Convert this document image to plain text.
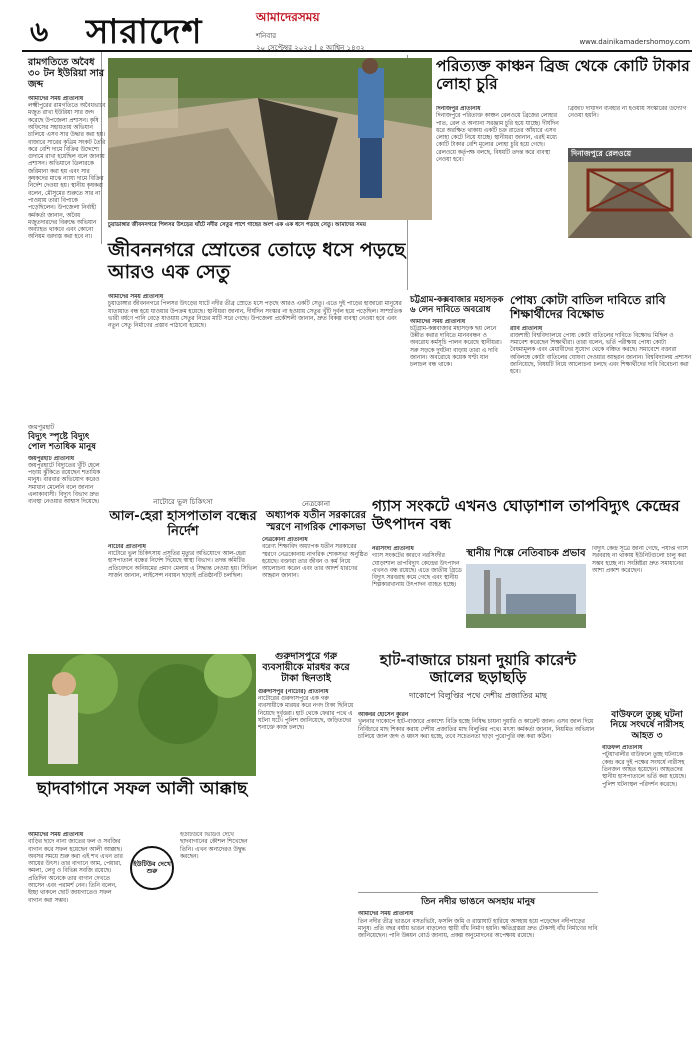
৬ সারাদেশ	আমাদেরসময়
শনিবার
২০ সেপ্টেম্বর ২০২৫ | ৫ আশ্বিন ১৪৩২
www.dainikamadershomoy.com
রামগতিতে অবৈধ ৩০ টন ইউরিয়া সার জব্দ

আমাদের সময় প্রতিনিধি

লক্ষ্মীপুরের রামগতিতে অবৈধভাবে মজুত রাখা ইউরিয়া সার জব্দ করেছে উপজেলা প্রশাসন। কৃষি অফিসের সহায়তায় অভিযান চালিয়ে এসব সার উদ্ধার করা হয়। বাজারে সারের কৃত্রিম সংকট তৈরি করে বেশি দামে বিক্রির উদ্দেশ্যে গুদামে রাখা হয়েছিল বলে জানায় প্রশাসন। অভিযানে ডিলারকে জরিমানা করা হয় এবং সার কৃষকদের মাঝে ন্যায্য দামে বিক্রির নির্দেশ দেওয়া হয়। স্থানীয় কৃষকরা বলেন, মৌসুমের শুরুতে সার না পাওয়ায় তারা বিপাকে পড়েছিলেন। উপজেলা নির্বাহী কর্মকর্তা জানান, অবৈধ মজুতদারদের বিরুদ্ধে অভিযান অব্যাহত থাকবে এবং কোনো অনিয়ম বরদাস্ত করা হবে না।

চুয়াডাঙ্গার জীবননগরে পিলসর উৎড়ের ঘাঁটে নদীর সেতুর পাশে গাছের অংশ এক এক ধসে পড়ছে সেতু। আমাদের সময়
পরিত্যক্ত কাঞ্চন ব্রিজ থেকে কোটি টাকার লোহা চুরি

দিনাজপুর প্রতিনিধি

দিনাজপুরে পরিত্যক্ত কাঞ্চন রেলওয়ে ব্রিজের লোহার পাত, রেল ও অন্যান্য সরঞ্জাম চুরি হয়ে যাচ্ছে। দীর্ঘদিন ধরে অরক্ষিত থাকায় একটি চক্র রাতের আঁধারে এসব লোহা কেটে নিয়ে যাচ্ছে। স্থানীয়রা জানান, এরই মধ্যে কোটি টাকার বেশি মূল্যের লোহা চুরি হয়ে গেছে। রেলওয়ে কর্তৃপক্ষ বলছে, বিষয়টি তদন্ত করে ব্যবস্থা নেওয়া হবে।

ব্রিজটি দীর্ঘদিন ব্যবহার না হওয়ায় সংস্কারের উদ্যোগ নেওয়া হয়নি।

দিনাজপুরে রেলওয়ে
জীবননগরে স্রোতের তোড়ে ধসে পড়ছে আরও এক সেতু

আমাদের সময় প্রতিনিধি

চুয়াডাঙ্গার জীবননগরে পিলসর উৎড়ের ঘাটে নদীর তীব্র স্রোতে ধসে পড়ছে আরও একটি সেতু। এতে দুই পাড়ের হাজারো মানুষের যাতায়াত বন্ধ হয়ে যাওয়ার উপক্রম হয়েছে। স্থানীয়রা জানান, দীর্ঘদিন সংস্কার না হওয়ায় সেতুর খুঁটি দুর্বল হয়ে পড়েছিল। সাম্প্রতিক ভারী বর্ষণে পানি বেড়ে যাওয়ায় সেতুর নিচের মাটি সরে গেছে। উপজেলা প্রকৌশলী জানান, দ্রুত বিকল্প ব্যবস্থা নেওয়া হবে এবং নতুন সেতু নির্মাণের প্রস্তাব পাঠানো হয়েছে।

চট্টগ্রাম-কক্সবাজার মহাসড়ক ৬ লেন দাবিতে অবরোধ

আমাদের সময় প্রতিনিধি

চট্টগ্রাম-কক্সবাজার মহাসড়ক ছয় লেনে উন্নীত করার দাবিতে মানববন্ধন ও অবরোধ কর্মসূচি পালন করেছে স্থানীয়রা। সরু সড়কে দুর্ঘটনা বাড়ায় তারা এ দাবি জানান। অবরোধে কয়েক ঘণ্টা যান চলাচল বন্ধ থাকে।

পোষ্য কোটা বাতিল দাবিতে রাবি শিক্ষার্থীদের বিক্ষোভ

রাবি প্রতিনিধি

রাজশাহী বিশ্ববিদ্যালয়ে পোষ্য কোটা বাতিলের দাবিতে বিক্ষোভ মিছিল ও সমাবেশ করেছেন শিক্ষার্থীরা। তারা বলেন, ভর্তি পরীক্ষায় পোষ্য কোটা বৈষম্যমূলক এবং মেধাবীদের সুযোগ থেকে বঞ্চিত করছে। সমাবেশে বক্তারা অবিলম্বে কোটা বাতিলের ঘোষণা দেওয়ার আহ্বান জানান। বিশ্ববিদ্যালয় প্রশাসন জানিয়েছে, বিষয়টি নিয়ে আলোচনা চলছে এবং শিক্ষার্থীদের দাবি বিবেচনা করা হবে।

জয়পুরহাট
বিদ্যুৎ স্পৃষ্টে বিদ্যুৎ পোল শতাধিক মানুষ

জয়পুরহাট প্রতিনিধি

জয়পুরহাটে বিদ্যুতের খুঁটি হেলে পড়ায় ঝুঁকিতে রয়েছেন শতাধিক মানুষ। বারবার অভিযোগ করেও সমাধান মেলেনি বলে জানান এলাকাবাসী। বিদ্যুৎ বিভাগ দ্রুত ব্যবস্থা নেওয়ার আশ্বাস দিয়েছে।	নাটোরে ভুল চিকিৎসা
আল-হেরা হাসপাতাল বন্ধের নির্দেশ

নাটোর প্রতিনিধি

নাটোরে ভুল চিকিৎসায় প্রসূতির মৃত্যুর অভিযোগে আল-হেরা হাসপাতাল বন্ধের নির্দেশ দিয়েছে স্বাস্থ্য বিভাগ। তদন্ত কমিটির প্রতিবেদনে অনিয়মের প্রমাণ মেলায় এ সিদ্ধান্ত নেওয়া হয়। সিভিল সার্জন জানান, লাইসেন্স নবায়ন ছাড়াই প্রতিষ্ঠানটি চলছিল।

নেত্রকোনা
অধ্যাপক যতীন সরকারের স্মরণে নাগরিক শোকসভা

নেত্রকোনা প্রতিনিধি

বরেণ্য শিক্ষাবিদ অধ্যাপক যতীন সরকারের স্মরণে নেত্রকোনায় নাগরিক শোকসভা অনুষ্ঠিত হয়েছে। বক্তারা তার জীবন ও কর্ম নিয়ে আলোচনা করেন এবং তার আদর্শ ধারণের আহ্বান জানান।

গ্যাস সংকটে এখনও ঘোড়াশাল তাপবিদ্যুৎ কেন্দ্রের উৎপাদন বন্ধ

নরসিংদী প্রতিনিধি

গ্যাস সংকটের কারণে নরসিংদীর ঘোড়াশাল তাপবিদ্যুৎ কেন্দ্রের উৎপাদন এখনও বন্ধ রয়েছে। এতে জাতীয় গ্রিডে বিদ্যুৎ সরবরাহ কমে গেছে এবং স্থানীয় শিল্পকারখানায় উৎপাদন ব্যাহত হচ্ছে।

স্থানীয় শিল্পে নেতিবাচক প্রভাব বিদ্যুৎ কেন্দ্র সূত্রে জানা গেছে, পর্যাপ্ত গ্যাস সরবরাহ না থাকায় ইউনিটগুলো চালু করা সম্ভব হচ্ছে না। সংশ্লিষ্টরা দ্রুত সমাধানের আশা প্রকাশ করেছেন।

ছাদবাগানে সফল আলী আক্কাছ

আমাদের সময় প্রতিনিধি

বাড়ির ছাদে নানা জাতের ফল ও সবজির বাগান করে সফল হয়েছেন আলী আক্কাছ। অবসর সময়ে শুরু করা এই শখ এখন তার আয়ের উৎস। তার বাগানে আম, পেয়ারা, কমলা, লেবু ও বিভিন্ন সবজি রয়েছে। প্রতিদিন অনেকে তার বাগান দেখতে আসেন এবং পরামর্শ নেন। তিনি বলেন, ইচ্ছা থাকলে ছোট জায়গাতেও সফল বাগান করা সম্ভব।

ইউটিউব দেখে শুরু

ইউটিউবে ভিডিও দেখে ছাদবাগানের কৌশল শিখেছেন তিনি। এখন অন্যদেরও উদ্বুদ্ধ করছেন।

গুরুদাসপুরে গরু ব্যবসায়ীকে মারধর করে টাকা ছিনতাই

গুরুদাসপুর (নাটোর) প্রতিনিধি

নাটোরের গুরুদাসপুরে এক গরু ব্যবসায়ীকে মারধর করে নগদ টাকা ছিনিয়ে নিয়েছে দুর্বৃত্তরা। হাট থেকে ফেরার পথে এ ঘটনা ঘটে। পুলিশ জানিয়েছে, জড়িতদের শনাক্তে কাজ চলছে।

হাট-বাজারে চায়না দুয়ারি কারেন্ট জালের ছড়াছড়ি
দাকোপে বিলুপ্তির পথে দেশীয় প্রজাতির মাছ

আকবর হোসেন কুরিন

খুলনার দাকোপে হাট-বাজারে প্রকাশ্যে বিক্রি হচ্ছে নিষিদ্ধ চায়না দুয়ারি ও কারেন্ট জাল। এসব জাল দিয়ে নির্বিচারে মাছ শিকার করায় দেশীয় প্রজাতির মাছ বিলুপ্তির পথে। মৎস্য কর্মকর্তা জানান, নিয়মিত অভিযান চালিয়ে জাল জব্দ ও ধ্বংস করা হচ্ছে, তবে সচেতনতা ছাড়া পুরোপুরি বন্ধ করা কঠিন।

বাউফলে তুচ্ছ ঘটনা নিয়ে সংঘর্ষে নারীসহ আহত ৩

বাউফল প্রতিনিধি

পটুয়াখালীর বাউফলে তুচ্ছ ঘটনাকে কেন্দ্র করে দুই পক্ষের সংঘর্ষে নারীসহ তিনজন আহত হয়েছেন। আহতদের স্থানীয় হাসপাতালে ভর্তি করা হয়েছে। পুলিশ ঘটনাস্থল পরিদর্শন করেছে।

তিন নদীর ভাঙনে অসহায় মানুষ

আমাদের সময় প্রতিনিধি

তিন নদীর তীব্র ভাঙনে বসতভিটা, ফসলি জমি ও রাস্তাঘাট হারিয়ে অসহায় হয়ে পড়েছেন নদীপাড়ের মানুষ। প্রতি বছর বর্ষায় ভাঙন বাড়লেও স্থায়ী বাঁধ নির্মাণ হয়নি। ক্ষতিগ্রস্তরা দ্রুত টেকসই বাঁধ নির্মাণের দাবি জানিয়েছেন। পানি উন্নয়ন বোর্ড জানায়, প্রকল্প অনুমোদনের অপেক্ষায় রয়েছে।
